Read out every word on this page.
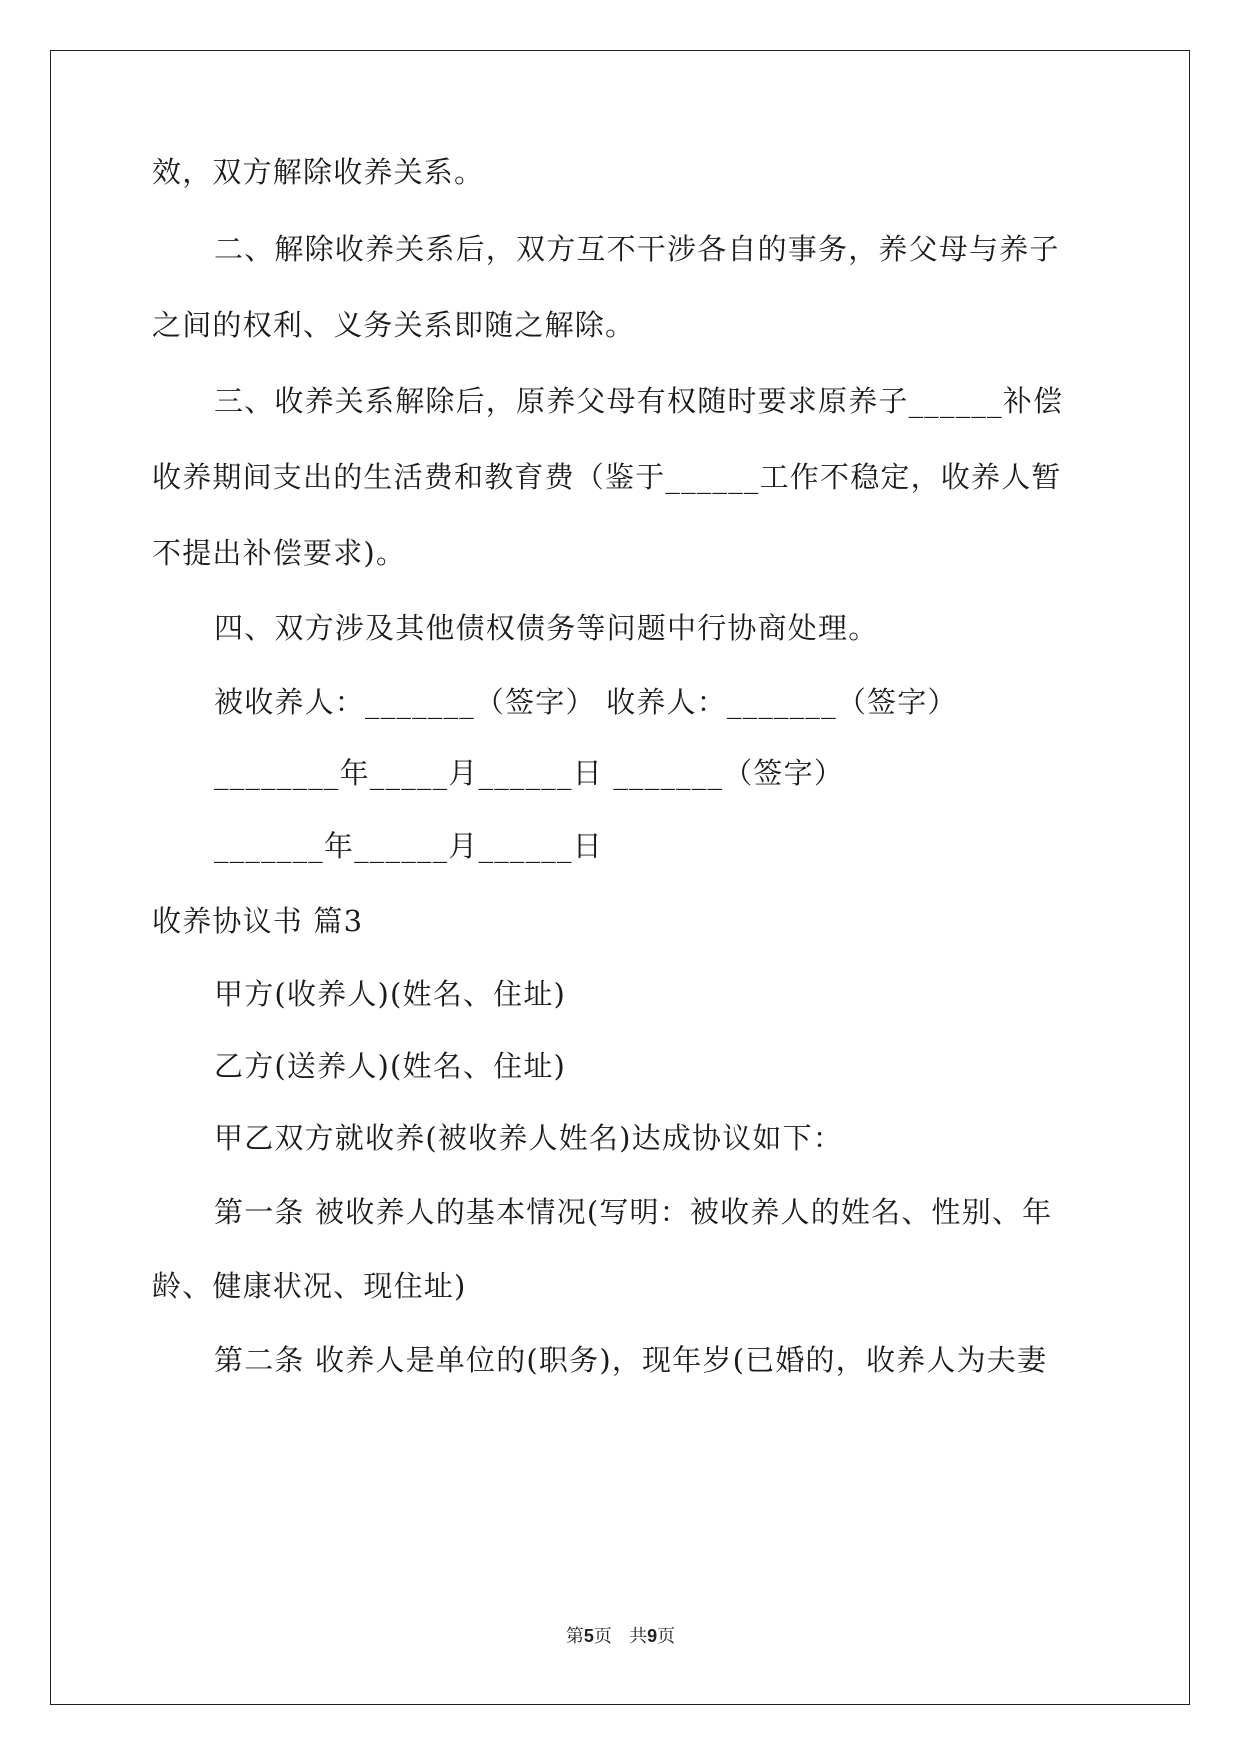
效，双方解除收养关系。
二、解除收养关系后，双方互不干涉各自的事务，养父母与养子
之间的权利、义务关系即随之解除。
三、收养关系解除后，原养父母有权随时要求原养子______补偿
收养期间支出的生活费和教育费（鉴于______工作不稳定，收养人暂
不提出补偿要求)。
四、双方涉及其他债权债务等问题中行协商处理。
被收养人：_______（签字） 收养人：_______（签字）
________年_____月______日 _______（签字）
_______年______月______日
收养协议书 篇3
甲方(收养人)(姓名、住址)
乙方(送养人)(姓名、住址)
甲乙双方就收养(被收养人姓名)达成协议如下：
第一条 被收养人的基本情况(写明：被收养人的姓名、性别、年
龄、健康状况、现住址)
第二条 收养人是单位的(职务)，现年岁(已婚的，收养人为夫妻
第5页   共9页
